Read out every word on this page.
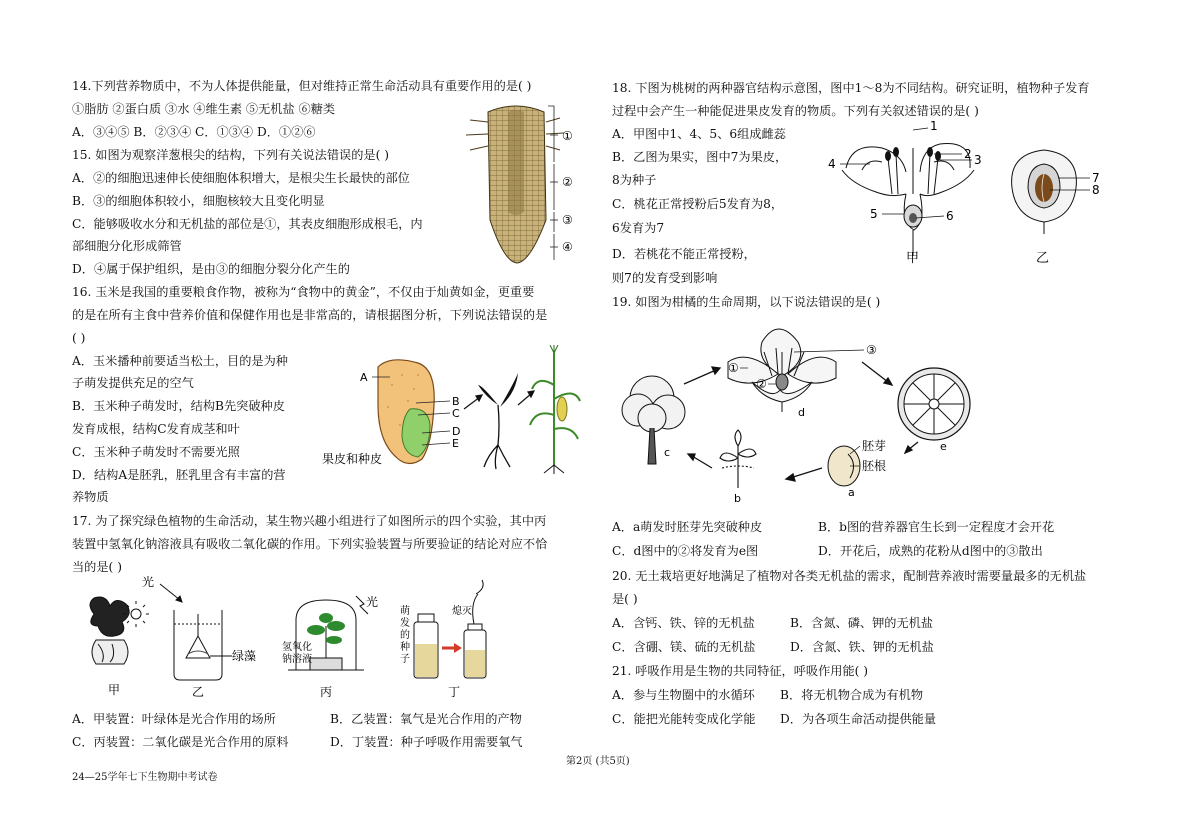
14.下列营养物质中，不为人体提供能量，但对维持正常生命活动具有重要作用的是( )
①脂肪 ②蛋白质 ③水 ④维生素 ⑤无机盐 ⑥糖类
A．③④⑤ B．②③④ C．①③④ D．①②⑥
15. 如图为观察洋葱根尖的结构，下列有关说法错误的是( )
A．②的细胞迅速伸长使细胞体积增大，是根尖生长最快的部位
B．③的细胞体积较小，细胞核较大且变化明显
C．能够吸收水分和无机盐的部位是①，其表皮细胞形成根毛，内
部细胞分化形成筛管
D．④属于保护组织，是由③的细胞分裂分化产生的
①
②
③
④
16. 玉米是我国的重要粮食作物，被称为“食物中的黄金”，不仅由于灿黄如金，更重要
的是在所有主食中营养价值和保健作用也是非常高的，请根据图分析，下列说法错误的是
( )
A．玉米播种前要适当松土，目的是为种
子萌发提供充足的空气
B．玉米种子萌发时，结构B先突破种皮
发育成根，结构C发育成茎和叶
C．玉米种子萌发时不需要光照
D．结构A是胚乳，胚乳里含有丰富的营
养物质
A
B
C
D
E
果皮和种皮
17. 为了探究绿色植物的生命活动，某生物兴趣小组进行了如图所示的四个实验，其中丙
装置中氢氧化钠溶液具有吸收二氧化碳的作用。下列实验装置与所要验证的结论对应不恰
当的是( )
甲
光
绿藻
乙
光
氢氧化
钠溶液
丙
萌
发
的
种
子
熄灭
丁
A．甲装置：叶绿体是光合作用的场所	B．乙装置：氧气是光合作用的产物
C．丙装置：二氧化碳是光合作用的原料	D．丁装置：种子呼吸作用需要氧气
18. 下图为桃树的两种器官结构示意图，图中1～8为不同结构。研究证明，植物种子发育
过程中会产生一种能促进果皮发育的物质。下列有关叙述错误的是( )
A．甲图中1、4、5、6组成雌蕊
B．乙图为果实，图中7为果皮，
8为种子
C．桃花正常授粉后5发育为8，
6发育为7
D．若桃花不能正常授粉，
则7的发育受到影响
1
2 3
4
5	6
甲
7
8
乙
19. 如图为柑橘的生命周期，以下说法错误的是( )
c
①
②
③
d
e
胚芽
胚根
a
b
A．a萌发时胚芽先突破种皮	B．b图的营养器官生长到一定程度才会开花
C．d图中的②将发育为e图	D．开花后，成熟的花粉从d图中的③散出
20. 无土栽培更好地满足了植物对各类无机盐的需求，配制营养液时需要量最多的无机盐
是( )
A．含钙、铁、锌的无机盐	B．含氮、磷、钾的无机盐
C．含硼、镁、硫的无机盐	D．含氮、铁、钾的无机盐
21. 呼吸作用是生物的共同特征，呼吸作用能( )
A．参与生物圈中的水循环 B．将无机物合成为有机物
C．能把光能转变成化学能 D．为各项生命活动提供能量
第2页 (共5页)
24—25学年七下生物期中考试卷
